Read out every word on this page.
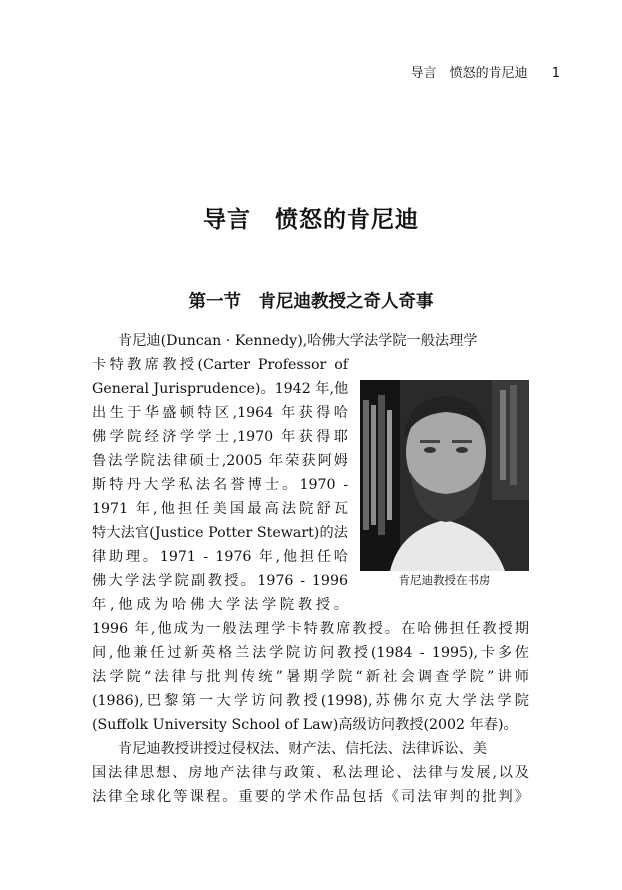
导言　愤怒的肯尼迪 1
导言　愤怒的肯尼迪
第一节　肯尼迪教授之奇人奇事
肯尼迪(Duncan · Kennedy),哈佛大学法学院一般法理学
卡特教席教授(Carter Professor of
General Jurisprudence)。1942 年,他
出生于华盛顿特区,1964 年获得哈
佛学院经济学学士,1970 年获得耶
鲁法学院法律硕士,2005 年荣获阿姆
斯特丹大学私法名誉博士。1970 -
1971 年,他担任美国最高法院舒瓦
特大法官(Justice Potter Stewart)的法
律助理。1971 - 1976 年,他担任哈
佛大学法学院副教授。1976 - 1996
年,他成为哈佛大学法学院教授。
肯尼迪教授在书房
1996 年,他成为一般法理学卡特教席教授。在哈佛担任教授期
间,他兼任过新英格兰法学院访问教授(1984 - 1995),卡多佐
法学院“法律与批判传统”暑期学院“新社会调查学院”讲师
(1986),巴黎第一大学访问教授(1998),苏佛尔克大学法学院
(Suffolk University School of Law)高级访问教授(2002 年春)。
肯尼迪教授讲授过侵权法、财产法、信托法、法律诉讼、美
国法律思想、房地产法律与政策、私法理论、法律与发展,以及
法律全球化等课程。重要的学术作品包括《司法审判的批判》
